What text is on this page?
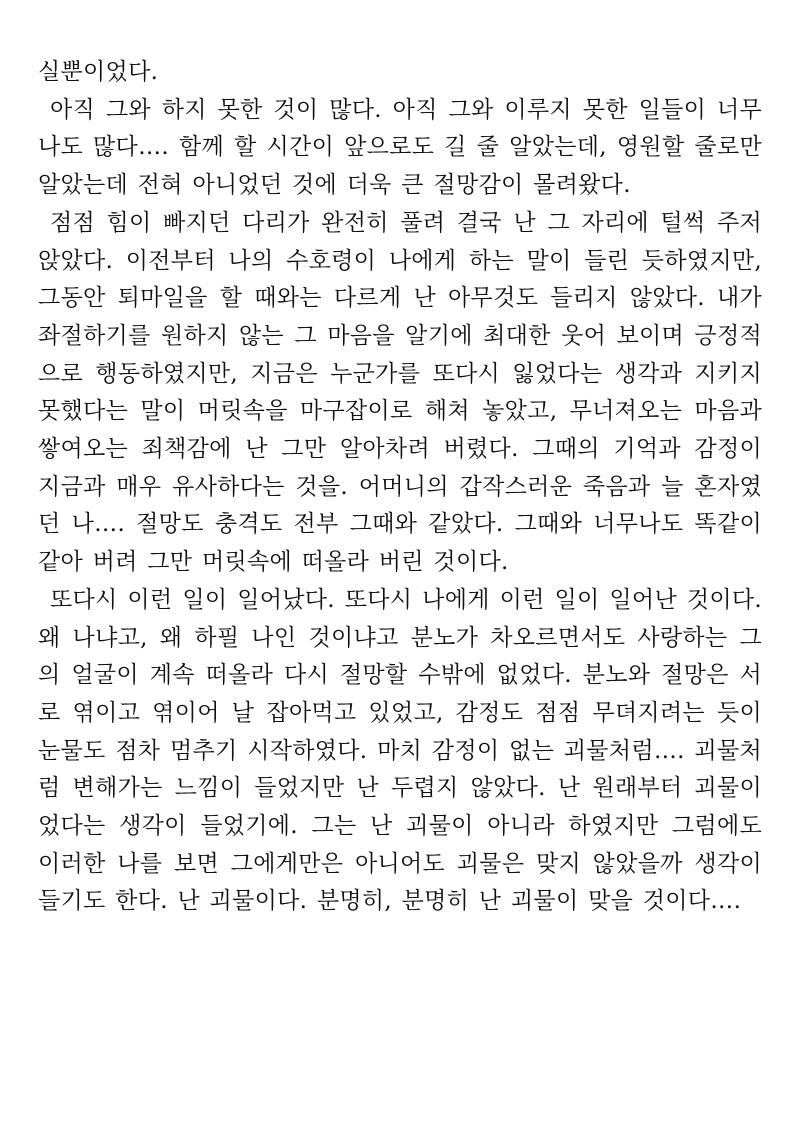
실뿐이었다.

아직 그와 하지 못한 것이 많다. 아직 그와 이루지 못한 일들이 너무나도 많다…. 함께 할 시간이 앞으로도 길 줄 알았는데, 영원할 줄로만 알았는데 전혀 아니었던 것에 더욱 큰 절망감이 몰려왔다.

점점 힘이 빠지던 다리가 완전히 풀려 결국 난 그 자리에 털썩 주저앉았다. 이전부터 나의 수호령이 나에게 하는 말이 들린 듯하였지만, 그동안 퇴마일을 할 때와는 다르게 난 아무것도 들리지 않았다. 내가 좌절하기를 원하지 않는 그 마음을 알기에 최대한 웃어 보이며 긍정적으로 행동하였지만, 지금은 누군가를 또다시 잃었다는 생각과 지키지 못했다는 말이 머릿속을 마구잡이로 해쳐 놓았고, 무너져오는 마음과 쌓여오는 죄책감에 난 그만 알아차려 버렸다. 그때의 기억과 감정이 지금과 매우 유사하다는 것을. 어머니의 갑작스러운 죽음과 늘 혼자였던 나…. 절망도 충격도 전부 그때와 같았다. 그때와 너무나도 똑같이 같아 버려 그만 머릿속에 떠올라 버린 것이다.

또다시 이런 일이 일어났다. 또다시 나에게 이런 일이 일어난 것이다. 왜 나냐고, 왜 하필 나인 것이냐고 분노가 차오르면서도 사랑하는 그의 얼굴이 계속 떠올라 다시 절망할 수밖에 없었다. 분노와 절망은 서로 엮이고 엮이어 날 잡아먹고 있었고, 감정도 점점 무뎌지려는 듯이 눈물도 점차 멈추기 시작하였다. 마치 감정이 없는 괴물처럼…. 괴물처럼 변해가는 느낌이 들었지만 난 두렵지 않았다. 난 원래부터 괴물이었다는 생각이 들었기에. 그는 난 괴물이 아니라 하였지만 그럼에도 이러한 나를 보면 그에게만은 아니어도 괴물은 맞지 않았을까 생각이 들기도 한다. 난 괴물이다. 분명히, 분명히 난 괴물이 맞을 것이다….
